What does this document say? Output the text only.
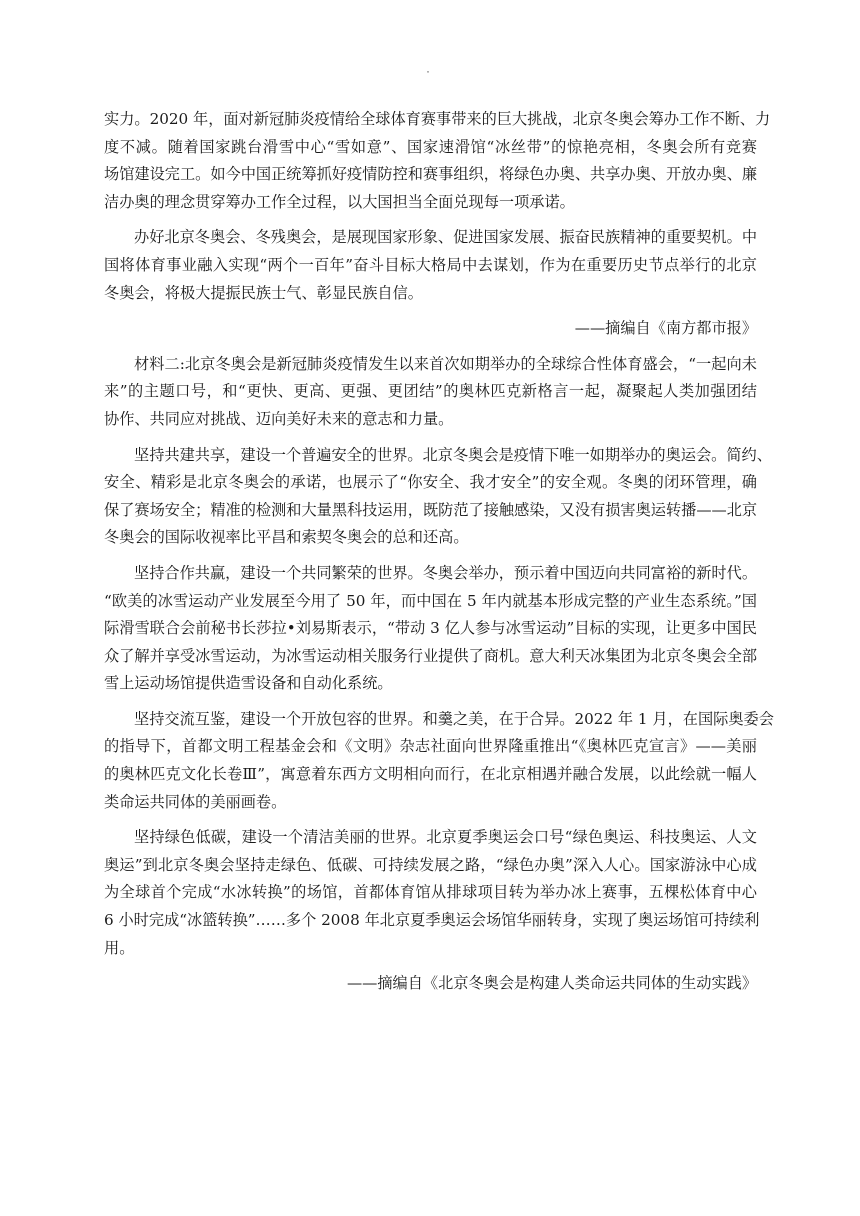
·
实力。2020 年，面对新冠肺炎疫情给全球体育赛事带来的巨大挑战，北京冬奥会筹办工作不断、力
度不减。随着国家跳台滑雪中心“雪如意”、国家速滑馆“冰丝带”的惊艳亮相，冬奥会所有竞赛
场馆建设完工。如今中国正统筹抓好疫情防控和赛事组织，将绿色办奥、共享办奥、开放办奥、廉
洁办奥的理念贯穿筹办工作全过程，以大国担当全面兑现每一项承诺。
办好北京冬奥会、冬残奥会，是展现国家形象、促进国家发展、振奋民族精神的重要契机。中
国将体育事业融入实现“两个一百年”奋斗目标大格局中去谋划，作为在重要历史节点举行的北京
冬奥会，将极大提振民族士气、彰显民族自信。
——摘编自《南方都市报》
材料二:北京冬奥会是新冠肺炎疫情发生以来首次如期举办的全球综合性体育盛会，“一起向未
来”的主题口号，和“更快、更高、更强、更团结”的奥林匹克新格言一起，凝聚起人类加强团结
协作、共同应对挑战、迈向美好未来的意志和力量。
坚持共建共享，建设一个普遍安全的世界。北京冬奥会是疫情下唯一如期举办的奥运会。简约、
安全、精彩是北京冬奥会的承诺，也展示了“你安全、我才安全”的安全观。冬奥的闭环管理，确
保了赛场安全；精准的检测和大量黑科技运用，既防范了接触感染，又没有损害奥运转播——北京
冬奥会的国际收视率比平昌和索契冬奥会的总和还高。
坚持合作共赢，建设一个共同繁荣的世界。冬奥会举办，预示着中国迈向共同富裕的新时代。
“欧美的冰雪运动产业发展至今用了 50 年，而中国在 5 年内就基本形成完整的产业生态系统。”国
际滑雪联合会前秘书长莎拉•刘易斯表示，“带动 3 亿人参与冰雪运动”目标的实现，让更多中国民
众了解并享受冰雪运动，为冰雪运动相关服务行业提供了商机。意大利天冰集团为北京冬奥会全部
雪上运动场馆提供造雪设备和自动化系统。
坚持交流互鉴，建设一个开放包容的世界。和羹之美，在于合异。2022 年 1 月，在国际奥委会
的指导下，首都文明工程基金会和《文明》杂志社面向世界隆重推出“《奥林匹克宣言》——美丽
的奥林匹克文化长卷Ⅲ”，寓意着东西方文明相向而行，在北京相遇并融合发展，以此绘就一幅人
类命运共同体的美丽画卷。
坚持绿色低碳，建设一个清洁美丽的世界。北京夏季奥运会口号“绿色奥运、科技奥运、人文
奥运”到北京冬奥会坚持走绿色、低碳、可持续发展之路，“绿色办奥”深入人心。国家游泳中心成
为全球首个完成“水冰转换”的场馆，首都体育馆从排球项目转为举办冰上赛事，五棵松体育中心
6 小时完成“冰篮转换”……多个 2008 年北京夏季奥运会场馆华丽转身，实现了奥运场馆可持续利
用。
——摘编自《北京冬奥会是构建人类命运共同体的生动实践》
